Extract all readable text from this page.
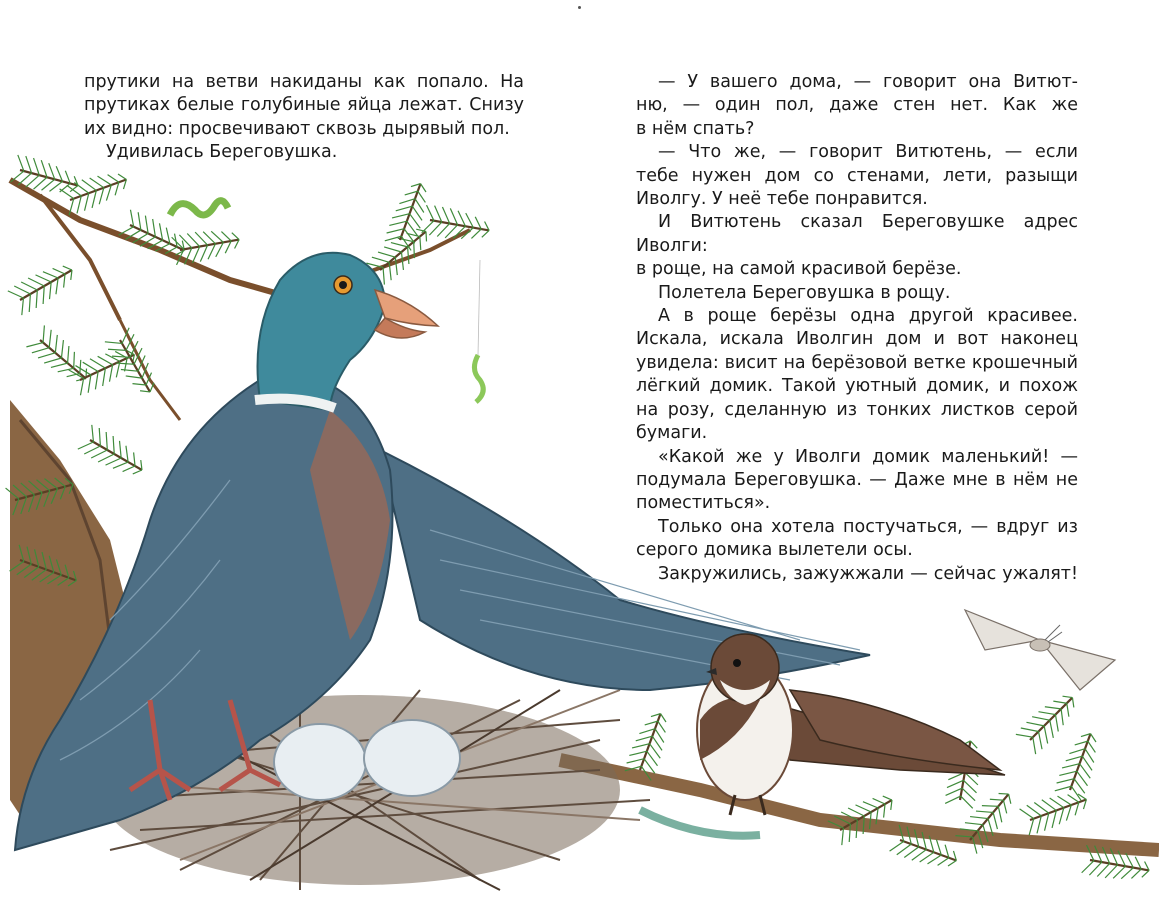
прутики на ветви накиданы как попало. На

прутиках белые голубиные яйца лежат. Снизу

их видно: просвечивают сквозь дырявый пол.

Удивилась Береговушка.

— У вашего дома, — говорит она Витют-

ню, — один пол, даже стен нет. Как же

в нём спать?

— Что же, — говорит Витютень, — если

тебе нужен дом со стенами, лети, разыщи

Иволгу. У неё тебе понравится.

И Витютень сказал Береговушке адрес Иволги:

в роще, на самой красивой берёзе.

Полетела Береговушка в рощу.

А в роще берёзы одна другой красивее.

Искала, искала Иволгин дом и вот наконец

увидела: висит на берёзовой ветке крошечный

лёгкий домик. Такой уютный домик, и похож

на розу, сделанную из тонких листков серой

бумаги.

«Какой же у Иволги домик маленький! —

подумала Береговушка. — Даже мне в нём не

поместиться».

Только она хотела постучаться, — вдруг из

серого домика вылетели осы.

Закружились, зажужжали — сейчас ужалят!
